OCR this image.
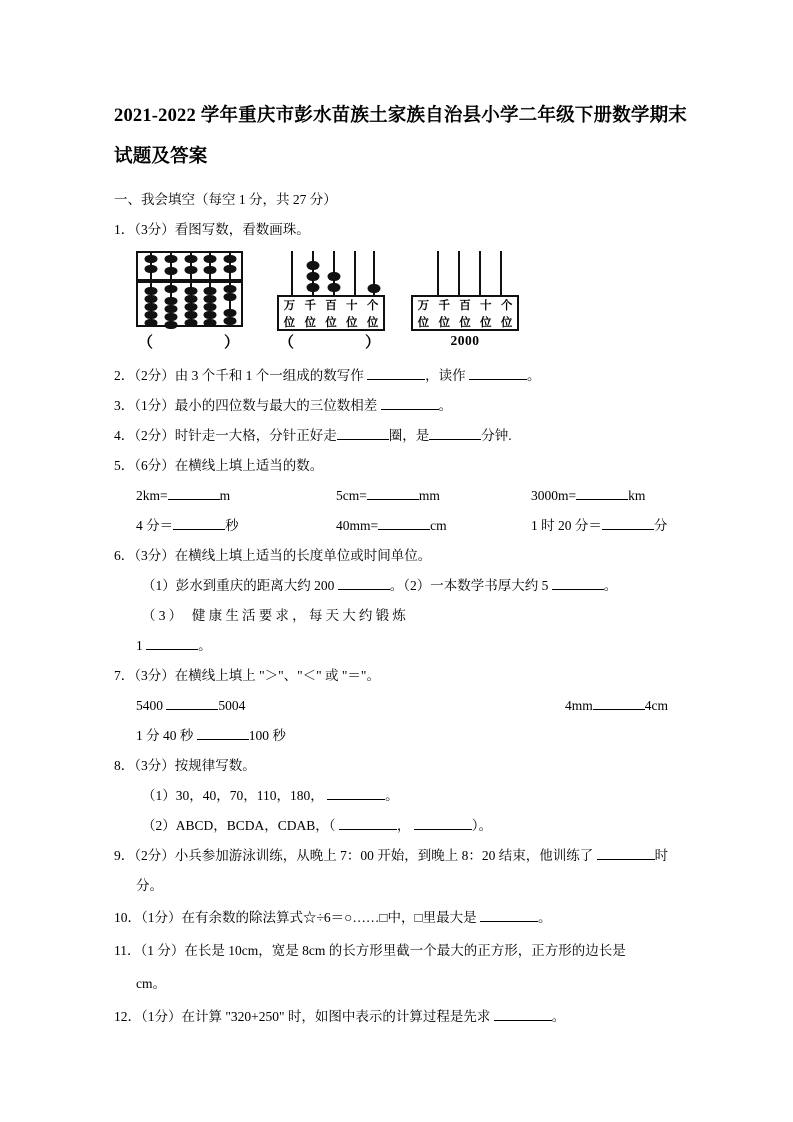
2021-2022 学年重庆市彭水苗族土家族自治县小学二年级下册数学期末试题及答案

一、我会填空（每空 1 分，共 27 分）

1．（3分）看图写数，看数画珠。

（	）
万 千 百 十 个
位 位 位 位 位
（	）
万 千 百 十 个
位 位 位 位 位
2000

2．（2分）由 3 个千和 1 个一组成的数写作	，读作	。

3．（1分）最小的四位数与最大的三位数相差	。

4．（2分）时针走一大格，分针正好走	圈，是	分钟.

5．（6分）在横线上填上适当的数。

2km=	m	5cm=	mm	3000m=	km
4 分＝	秒	40mm=	cm	1 时 20 分＝	分

6．（3分）在横线上填上适当的长度单位或时间单位。

（1）彭水到重庆的距离大约 200	。（2）一本数学书厚大约 5	。

（3） 健康生活要求，每天大约锻炼

1	。

7．（3分）在横线上填上 "＞"、"＜" 或 "＝"。

5400	5004	4mm	4cm
1 分 40 秒	100 秒

8．（3分）按规律写数。

（1）30，40，70，110，180，	。

（2）ABCD，BCDA，CDAB，（	，	）。

9．（2分）小兵参加游泳训练，从晚上 7：00 开始，到晚上 8：20 结束，他训练了	时

分。

10．（1分）在有余数的除法算式☆÷6＝○……□中，□里最大是	。

11．（1 分）在长是 10cm，宽是 8cm 的长方形里截一个最大的正方形，正方形的边长是

cm。

12．（1分）在计算 "320+250" 时，如图中表示的计算过程是先求	。
